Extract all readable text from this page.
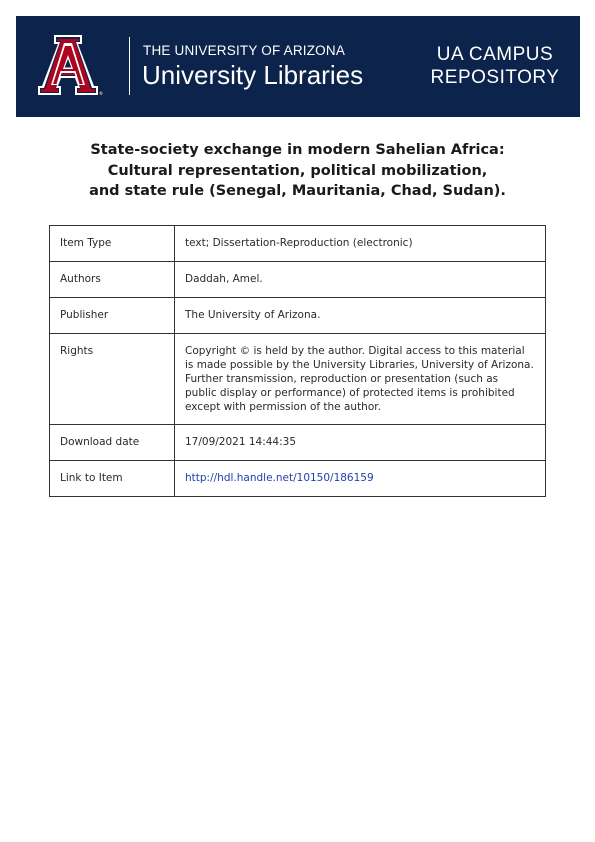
®
THE UNIVERSITY OF ARIZONA
University Libraries
UA CAMPUS
REPOSITORY
State-society exchange in modern Sahelian Africa:
Cultural representation, political mobilization,
and state rule (Senegal, Mauritania, Chad, Sudan).
Item Type	text; Dissertation-Reproduction (electronic)
Authors	Daddah, Amel.
Publisher	The University of Arizona.
Rights	Copyright © is held by the author. Digital access to this material
is made possible by the University Libraries, University of Arizona.
Further transmission, reproduction or presentation (such as
public display or performance) of protected items is prohibited
except with permission of the author.

Download date	17/09/2021 14:44:35
Link to Item	http://hdl.handle.net/10150/186159
